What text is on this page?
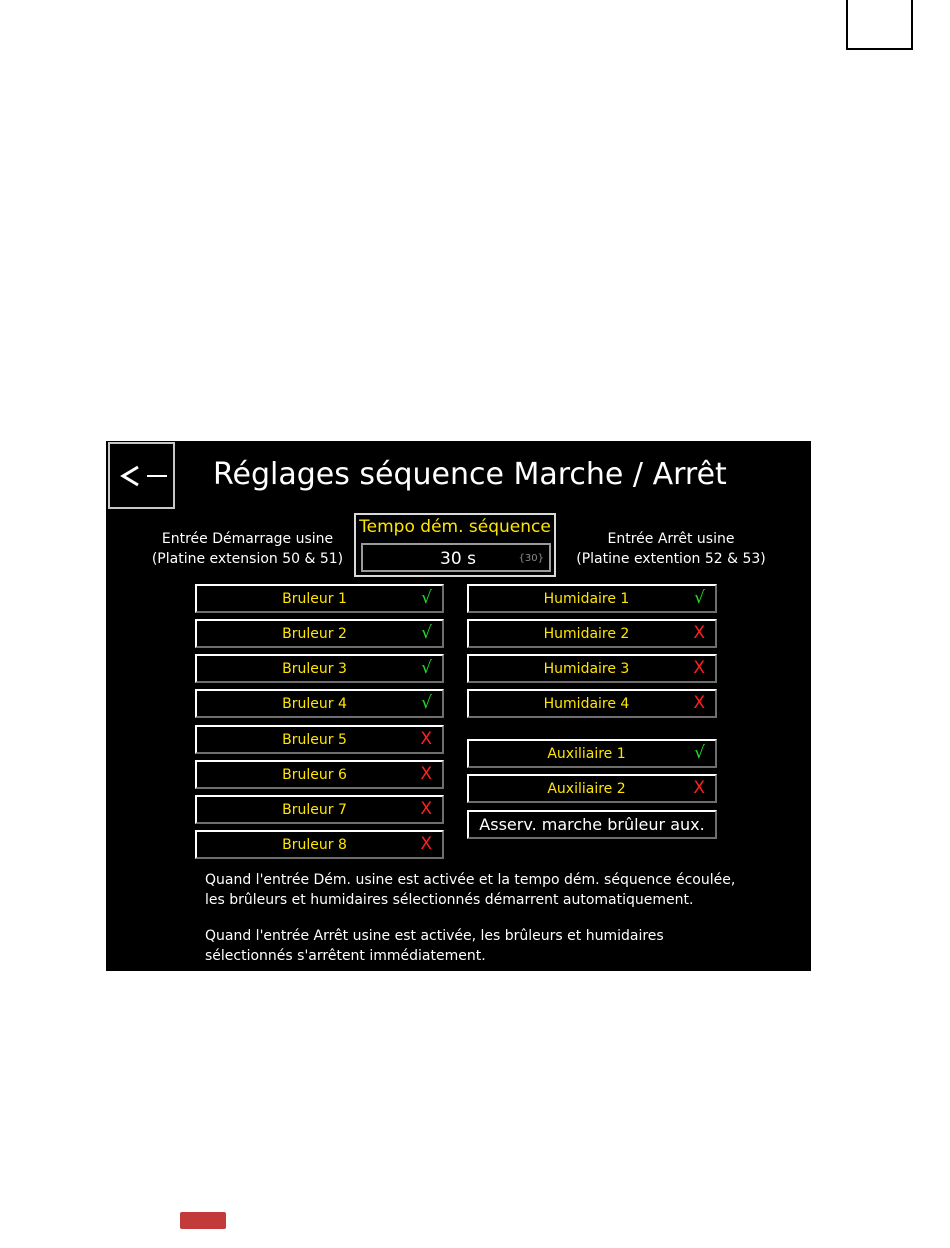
Réglages séquence Marche / Arrêt
Entrée Démarrage usine
(Platine extension 50 & 51)
Tempo dém. séquence
30 s	{30}
Entrée Arrêt usine
(Platine extention 52 & 53)
Bruleur 1	√
Bruleur 2	√
Bruleur 3	√
Bruleur 4	√
Bruleur 5	X
Bruleur 6	X
Bruleur 7	X
Bruleur 8	X
Humidaire 1	√
Humidaire 2	X
Humidaire 3	X
Humidaire 4	X
Auxiliaire 1	√
Auxiliaire 2	X
Asserv. marche brûleur aux.
Quand l'entrée Dém. usine est activée et la tempo dém. séquence écoulée,
les brûleurs et humidaires sélectionnés démarrent automatiquement.
Quand l'entrée Arrêt usine est activée, les brûleurs et humidaires
sélectionnés s'arrêtent immédiatement.
